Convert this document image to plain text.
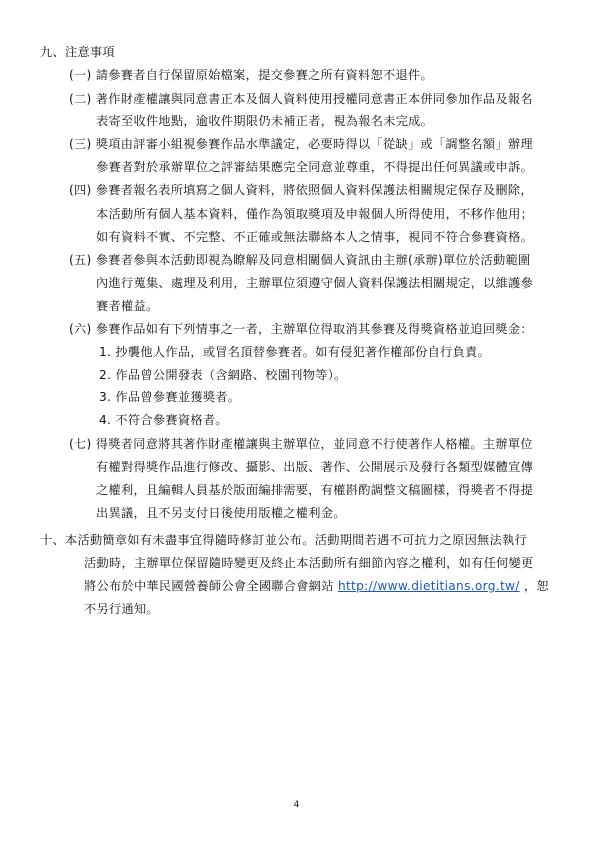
九、注意事項
(一) 請參賽者自行保留原始檔案，提交參賽之所有資料恕不退件。
(二) 著作財產權讓與同意書正本及個人資料使用授權同意書正本併同參加作品及報名
表寄至收件地點，逾收件期限仍未補正者，視為報名未完成。
(三) 獎項由評審小組視參賽作品水準議定，必要時得以「從缺」或「調整名額」辦理
參賽者對於承辦單位之評審結果應完全同意並尊重，不得提出任何異議或申訴。
(四) 參賽者報名表所填寫之個人資料，將依照個人資料保護法相關規定保存及刪除，
本活動所有個人基本資料，僅作為領取獎項及申報個人所得使用，不移作他用；
如有資料不實、不完整、不正確或無法聯絡本人之情事，視同不符合參賽資格。
(五) 參賽者參與本活動即視為瞭解及同意相關個人資訊由主辦(承辦)單位於活動範圍
內進行蒐集、處理及利用，主辦單位須遵守個人資料保護法相關規定，以維護參
賽者權益。
(六) 參賽作品如有下列情事之一者，主辦單位得取消其參賽及得獎資格並追回獎金：
1. 抄襲他人作品，或冒名頂替參賽者。如有侵犯著作權部份自行負責。
2. 作品曾公開發表（含網路、校園刊物等）。
3. 作品曾參賽並獲獎者。
4. 不符合參賽資格者。
(七) 得獎者同意將其著作財產權讓與主辦單位，並同意不行使著作人格權。主辦單位
有權對得獎作品進行修改、攝影、出版、著作、公開展示及發行各類型媒體宣傳
之權利，且編輯人員基於版面編排需要，有權斟酌調整文稿圖樣，得獎者不得提
出異議，且不另支付日後使用版權之權利金。
十、本活動簡章如有未盡事宜得隨時修訂並公布。活動期間若遇不可抗力之原因無法執行
活動時，主辦單位保留隨時變更及終止本活動所有細節內容之權利，如有任何變更
將公布於中華民國營養師公會全國聯合會網站 http://www.dietitians.org.tw/ ，恕
不另行通知。
4
